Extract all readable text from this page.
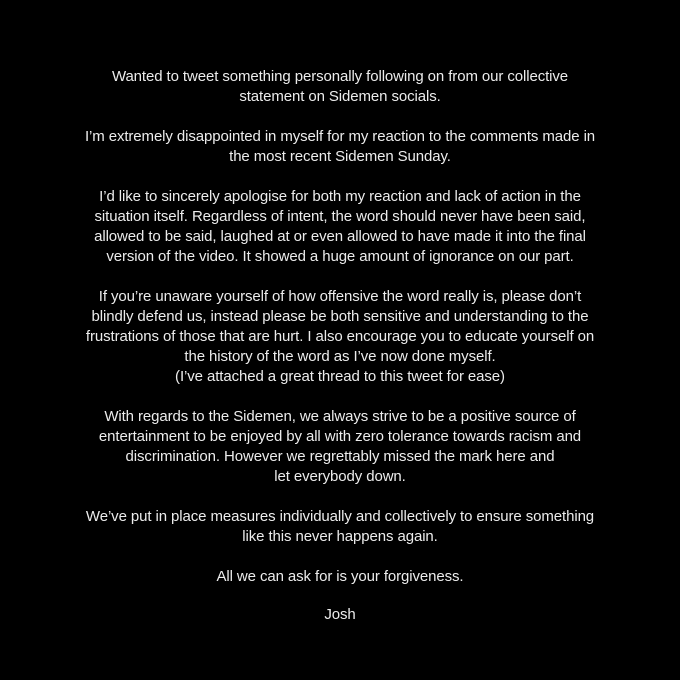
Wanted to tweet something personally following on from our collective
statement on Sidemen socials.
I’m extremely disappointed in myself for my reaction to the comments made in
the most recent Sidemen Sunday.
I’d like to sincerely apologise for both my reaction and lack of action in the
situation itself. Regardless of intent, the word should never have been said,
allowed to be said, laughed at or even allowed to have made it into the final
version of the video. It showed a huge amount of ignorance on our part.
If you’re unaware yourself of how offensive the word really is, please don’t
blindly defend us, instead please be both sensitive and understanding to the
frustrations of those that are hurt. I also encourage you to educate yourself on
the history of the word as I’ve now done myself.
(I’ve attached a great thread to this tweet for ease)
With regards to the Sidemen, we always strive to be a positive source of
entertainment to be enjoyed by all with zero tolerance towards racism and
discrimination. However we regrettably missed the mark here and
let everybody down.
We’ve put in place measures individually and collectively to ensure something
like this never happens again.
All we can ask for is your forgiveness.
Josh
